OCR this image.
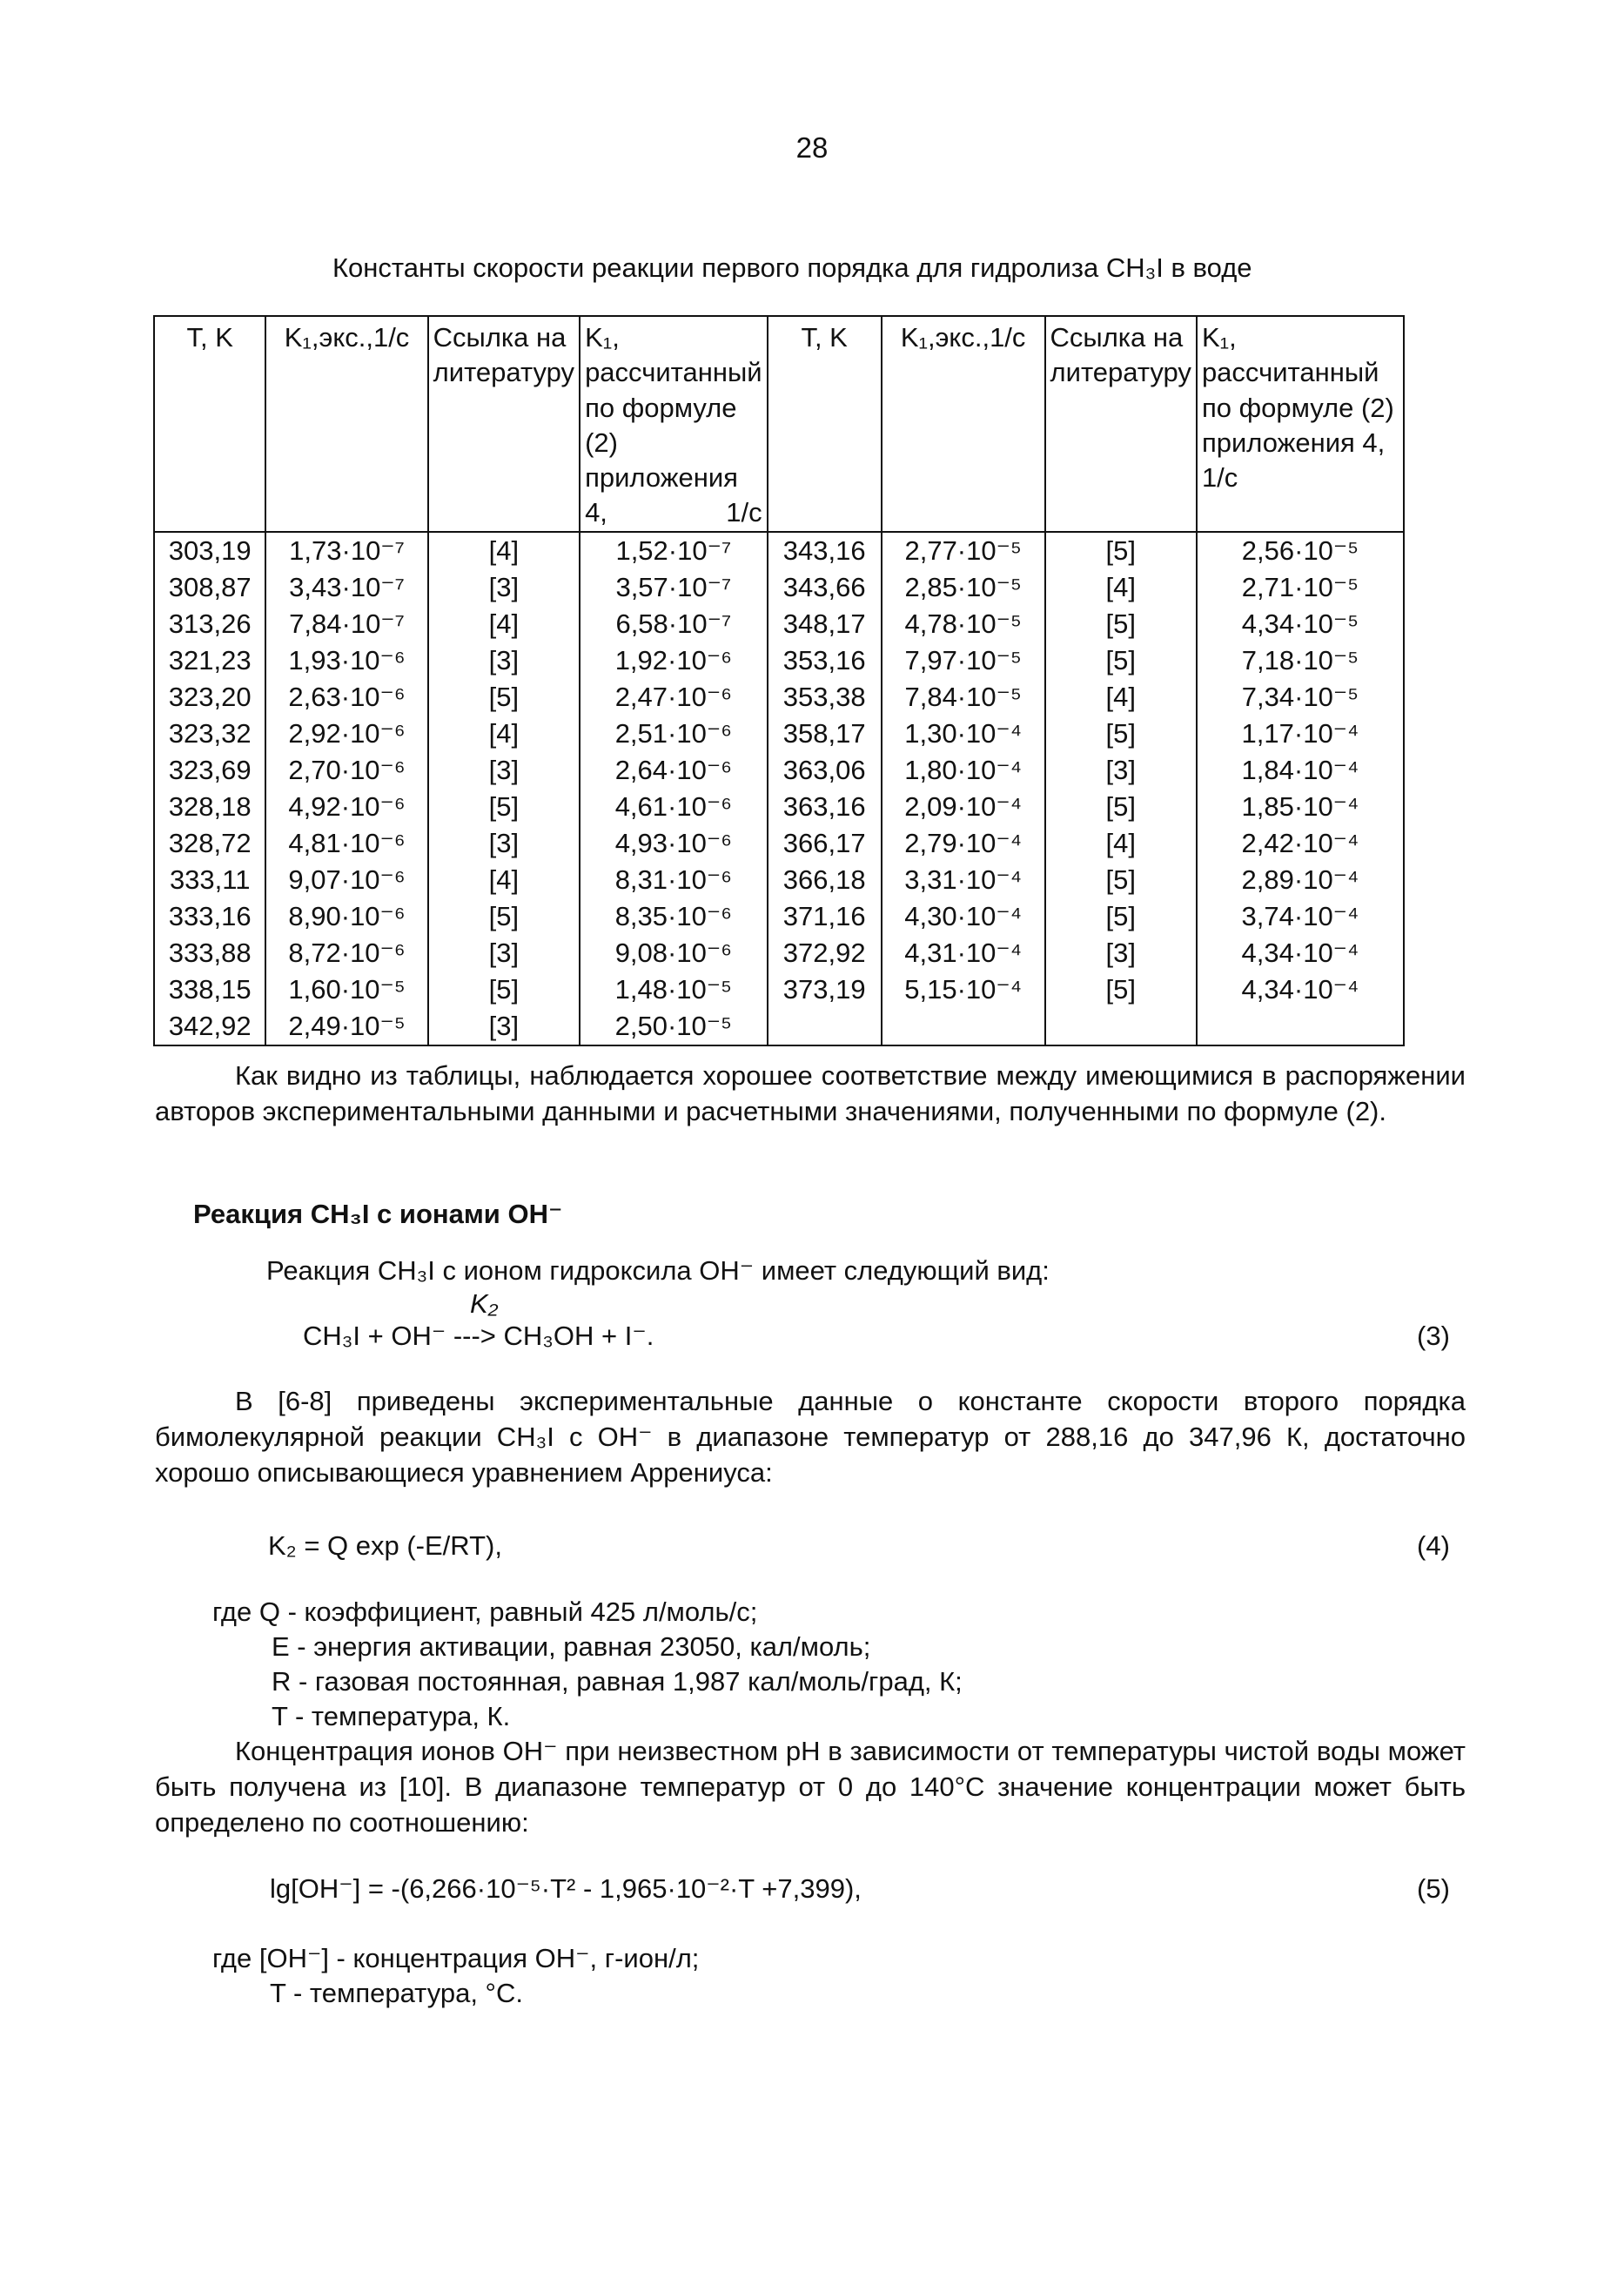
28
Константы скорости реакции первого порядка для гидролиза CH₃I в воде
T, K	K₁,экс.,1/с	Ссылка на литературу	K₁, рассчитанный по формуле (2) приложения 4, 1/с	T, K	K₁,экс.,1/с	Ссылка на литературу	K₁, рассчитанный по формуле (2) приложения 4, 1/с
303,19	1,73·10⁻⁷	[4]	1,52·10⁻⁷	343,16	2,77·10⁻⁵	[5]	2,56·10⁻⁵
308,87	3,43·10⁻⁷	[3]	3,57·10⁻⁷	343,66	2,85·10⁻⁵	[4]	2,71·10⁻⁵
313,26	7,84·10⁻⁷	[4]	6,58·10⁻⁷	348,17	4,78·10⁻⁵	[5]	4,34·10⁻⁵
321,23	1,93·10⁻⁶	[3]	1,92·10⁻⁶	353,16	7,97·10⁻⁵	[5]	7,18·10⁻⁵
323,20	2,63·10⁻⁶	[5]	2,47·10⁻⁶	353,38	7,84·10⁻⁵	[4]	7,34·10⁻⁵
323,32	2,92·10⁻⁶	[4]	2,51·10⁻⁶	358,17	1,30·10⁻⁴	[5]	1,17·10⁻⁴
323,69	2,70·10⁻⁶	[3]	2,64·10⁻⁶	363,06	1,80·10⁻⁴	[3]	1,84·10⁻⁴
328,18	4,92·10⁻⁶	[5]	4,61·10⁻⁶	363,16	2,09·10⁻⁴	[5]	1,85·10⁻⁴
328,72	4,81·10⁻⁶	[3]	4,93·10⁻⁶	366,17	2,79·10⁻⁴	[4]	2,42·10⁻⁴
333,11	9,07·10⁻⁶	[4]	8,31·10⁻⁶	366,18	3,31·10⁻⁴	[5]	2,89·10⁻⁴
333,16	8,90·10⁻⁶	[5]	8,35·10⁻⁶	371,16	4,30·10⁻⁴	[5]	3,74·10⁻⁴
333,88	8,72·10⁻⁶	[3]	9,08·10⁻⁶	372,92	4,31·10⁻⁴	[3]	4,34·10⁻⁴
338,15	1,60·10⁻⁵	[5]	1,48·10⁻⁵	373,19	5,15·10⁻⁴	[5]	4,34·10⁻⁴
342,92	2,49·10⁻⁵	[3]	2,50·10⁻⁵				
Как видно из таблицы, наблюдается хорошее соответствие между имеющимися в распоряжении авторов экспериментальными данными и расчетными значениями, полученными по формуле (2).
Реакция CH₃I с ионами OH⁻
Реакция CH₃I с ионом гидроксила OH⁻ имеет следующий вид:
K₂
CH₃I + OH⁻ ---> CH₃OH + I⁻.	(3)
В [6-8] приведены экспериментальные данные о константе скорости второго порядка бимолекулярной реакции CH₃I с OH⁻ в диапазоне температур от 288,16 до 347,96 К, достаточно хорошо описывающиеся уравнением Аррениуса:
K₂ = Q exp (-E/RT),	(4)
где Q - коэффициент, равный 425 л/моль/с;
E - энергия активации, равная 23050, кал/моль;
R - газовая постоянная, равная 1,987 кал/моль/град, К;
T - температура, К.
Концентрация ионов OH⁻ при неизвестном pH в зависимости от температуры чистой воды может быть получена из [10]. В диапазоне температур от 0 до 140°С значение концентрации может быть определено по соотношению:
lg[OH⁻] = -(6,266·10⁻⁵·T² - 1,965·10⁻²·T +7,399),	(5)
где [OH⁻] - концентрация OH⁻, г-ион/л;
T - температура, °С.
